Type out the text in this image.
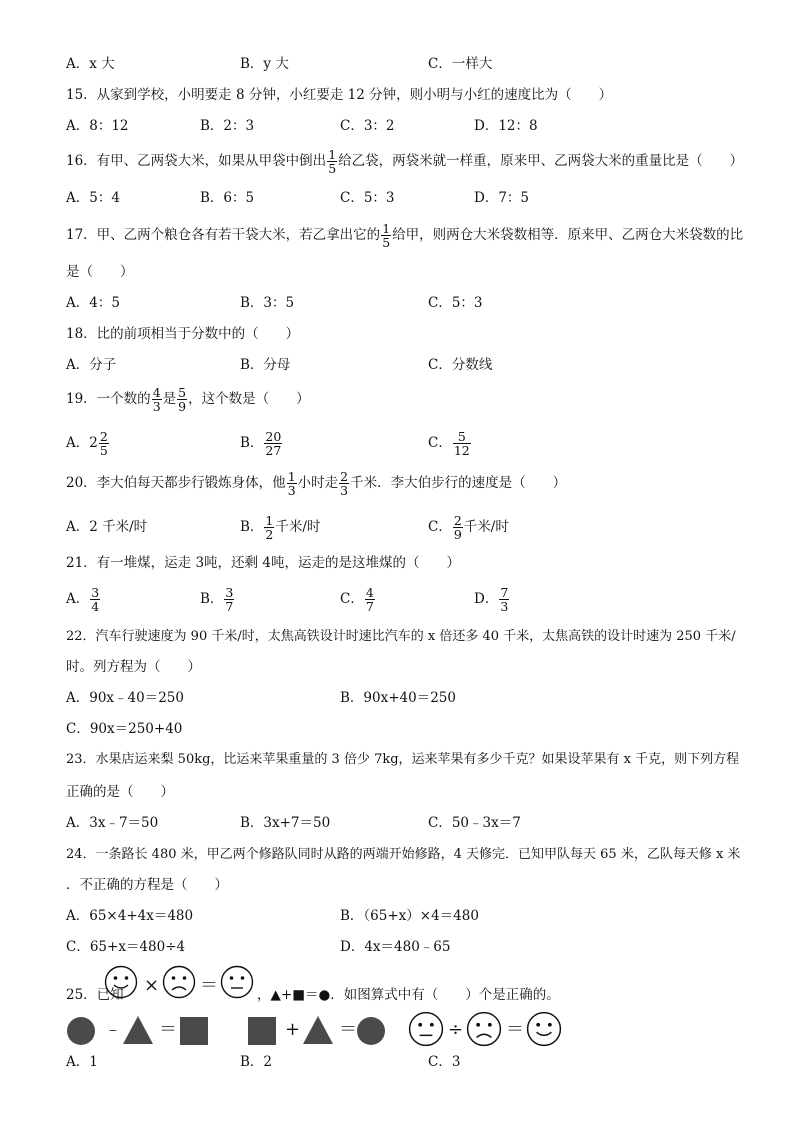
A．x 大	B．y 大	C．一样大
15．从家到学校，小明要走 8 分钟，小红要走 12 分钟，则小明与小红的速度比为（　　）
A．8：12	B．2：3	C．3：2	D．12：8
16．有甲、乙两袋大米，如果从甲袋中倒出 $\frac{1}{5}$ 给乙袋，两袋米就一样重，原来甲、乙两袋大米的重量比是（　　）
A．5：4	B．6：5	C．5：3	D．7：5
17．甲、乙两个粮仓各有若干袋大米，若乙拿出它的 $\frac{1}{5}$ 给甲，则两仓大米袋数相等．原来甲、乙两仓大米袋数的比
是（　　）
A．4：5	B．3：5	C．5：3
18．比的前项相当于分数中的（　　）
A．分子	B．分母	C．分数线
19．一个数的 $\frac{4}{3}$ 是 $\frac{5}{9}$ ，这个数是（　　）
A． $2 \frac{2}{5}$	B． $\frac{20}{27}$	C． $\frac{5}{12}$
20．李大伯每天都步行锻炼身体，他 $\frac{1}{3}$ 小时走 $\frac{2}{3}$ 千米．李大伯步行的速度是（　　）
A．2 千米/时	B． $\frac{1}{2}$ 千米/时	C． $\frac{2}{9}$ 千米/时
21．有一堆煤，运走 3吨，还剩 4吨，运走的是这堆煤的（　　）
A． $\frac{3}{4}$	B． $\frac{3}{7}$	C． $\frac{4}{7}$	D． $\frac{7}{3}$
22．汽车行驶速度为 90 千米/时，太焦高铁设计时速比汽车的 x 倍还多 40 千米，太焦高铁的设计时速为 250 千米/
时。列方程为（　　）
A．90x﹣40＝250	B．90x+40＝250
C．90x＝250+40
23．水果店运来梨 50kg，比运来苹果重量的 3 倍少 7kg，运来苹果有多少千克？如果设苹果有 x 千克，则下列方程
正确的是（　　）
A．3x﹣7＝50	B．3x+7＝50	C．50﹣3x＝7
24．一条路长 480 米，甲乙两个修路队同时从路的两端开始修路，4 天修完．已知甲队每天 65 米，乙队每天修 x 米
．不正确的方程是（　　）
A．65×4+4x＝480	B．（65+x）×4＝480
C．65+x＝480÷4	D．4x＝480﹣65
25．已知 × ＝	，▲+■＝●．如图算式中有（　　）个是正确的。
﹣ ＝	+ ＝	÷ ＝
A．1	B．2	C．3
